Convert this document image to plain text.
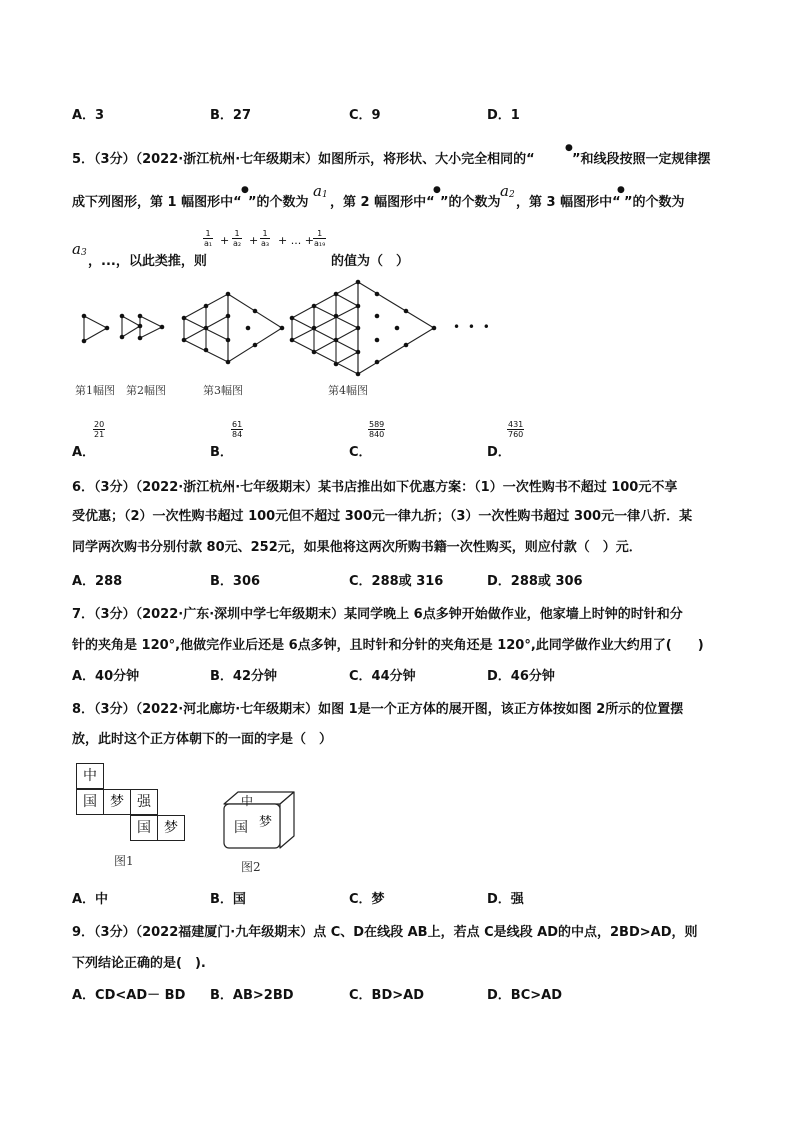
A．3	B．27	C．9	D．1
5．（3分）（2022·浙江杭州·七年级期末）如图所示，将形状、大小完全相同的“
●
”和线段按照一定规律摆
成下列图形，第 1 幅图形中“
●
”的个数为
a 1 ，第 2 幅图形中“
●
”的个数为
a 2 ，第 3 幅图形中“
●
”的个数为
a 3
，...，以此类推，则
$\frac{1}{\text{a₁}} + \frac{1}{\text{a₂}} + \frac{1}{\text{a₃}}$ + ... + $\frac{1}{\text{a₁₉}}$
的值为（　）
• • •
第1幅图 第2幅图	第3幅图	第4幅图
A．
$\frac{20}{21}$
B．
$\frac{61}{84}$
C．
$\frac{589}{840}$
D．
$\frac{431}{760}$
6．（3分）（2022·浙江杭州·七年级期末）某书店推出如下优惠方案：（1）一次性购书不超过 100元不享
受优惠；（2）一次性购书超过 100元但不超过 300元一律九折；（3）一次性购书超过 300元一律八折．某
同学两次购书分别付款 80元、252元，如果他将这两次所购书籍一次性购买，则应付款（　）元．
A．288	B．306	C．288或 316	D．288或 306
7．（3分）（2022·广东·深圳中学七年级期末）某同学晚上 6点多钟开始做作业，他家墙上时钟的时针和分
针的夹角是 120°,他做完作业后还是 6点多钟，且时针和分针的夹角还是 120°,此同学做作业大约用了(　　)
A．40分钟	B．42分钟	C．44分钟	D．46分钟
8．（3分）（2022·河北廊坊·七年级期末）如图 1是一个正方体的展开图，该正方体按如图 2所示的位置摆
放，此时这个正方体朝下的一面的字是（　）
中
国 梦 强
国 梦
图1
中
国 梦
图2
A．中	B．国	C．梦	D．强
9．（3分）（2022福建厦门·九年级期末）点 C、D在线段 AB上，若点 C是线段 AD的中点，2BD>AD，则
下列结论正确的是(　).
A．CD<AD－ BD B．AB>2BD	C．BD>AD	D．BC>AD
